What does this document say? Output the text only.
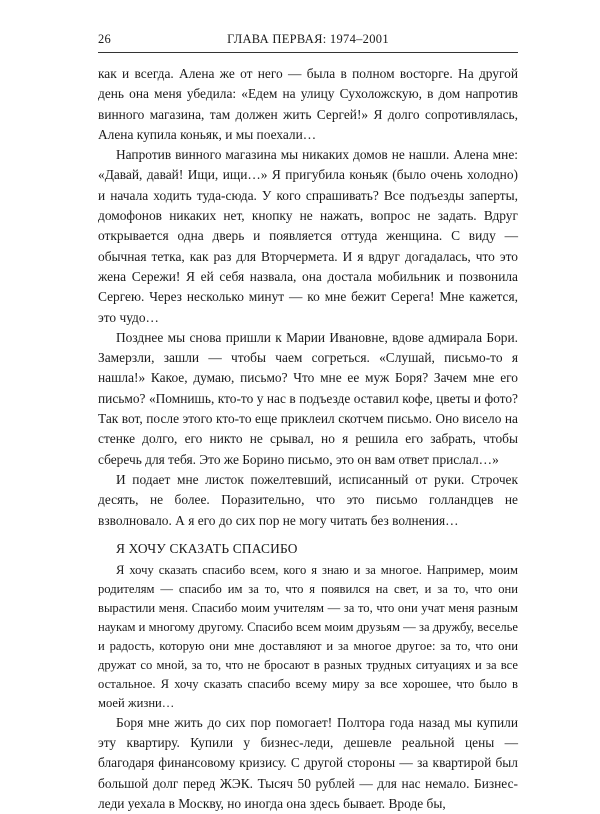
26	ГЛАВА ПЕРВАЯ: 1974–2001

как и всегда. Алена же от него — была в полном восторге. На другой день она меня убедила: «Едем на улицу Сухоложскую, в дом напротив винного магазина, там должен жить Сергей!» Я долго сопротивлялась, Алена купила коньяк, и мы поехали…

Напротив винного магазина мы никаких домов не нашли. Алена мне: «Давай, давай! Ищи, ищи…» Я пригубила коньяк (было очень холодно) и начала ходить туда-сюда. У кого спрашивать? Все подъезды заперты, домофонов никаких нет, кнопку не нажать, вопрос не задать. Вдруг открывается одна дверь и появляется оттуда женщина. С виду — обычная тетка, как раз для Вторчермета. И я вдруг догадалась, что это жена Сережи! Я ей себя назвала, она достала мобильник и позвонила Сергею. Через несколько минут — ко мне бежит Серега! Мне кажется, это чудо…

Позднее мы снова пришли к Марии Ивановне, вдове адмирала Бори. Замерзли, зашли — чтобы чаем согреться. «Слушай, письмо-то я нашла!» Какое, думаю, письмо? Что мне ее муж Боря? Зачем мне его письмо? «Помнишь, кто-то у нас в подъезде оставил кофе, цветы и фото? Так вот, после этого кто-то еще приклеил скотчем письмо. Оно висело на стенке долго, его никто не срывал, но я решила его забрать, чтобы сберечь для тебя. Это же Борино письмо, это он вам ответ прислал…»

И подает мне листок пожелтевший, исписанный от руки. Строчек десять, не более. Поразительно, что это письмо голландцев не взволновало. А я его до сих пор не могу читать без волнения…

Я ХОЧУ СКАЗАТЬ СПАСИБО

Я хочу сказать спасибо всем, кого я знаю и за многое. Например, моим родителям — спасибо им за то, что я появился на свет, и за то, что они вырастили меня. Спасибо моим учителям — за то, что они учат меня разным наукам и многому другому. Спасибо всем моим друзьям — за дружбу, веселье и радость, которую они мне доставляют и за многое другое: за то, что они дружат со мной, за то, что не бросают в разных трудных ситуациях и за все остальное. Я хочу сказать спасибо всему миру за все хорошее, что было в моей жизни…

Боря мне жить до сих пор помогает! Полтора года назад мы купили эту квартиру. Купили у бизнес-леди, дешевле реальной цены — благодаря финансовому кризису. С другой стороны — за квартирой был большой долг перед ЖЭК. Тысяч 50 рублей — для нас немало. Бизнес-леди уехала в Москву, но иногда она здесь бывает. Вроде бы,
